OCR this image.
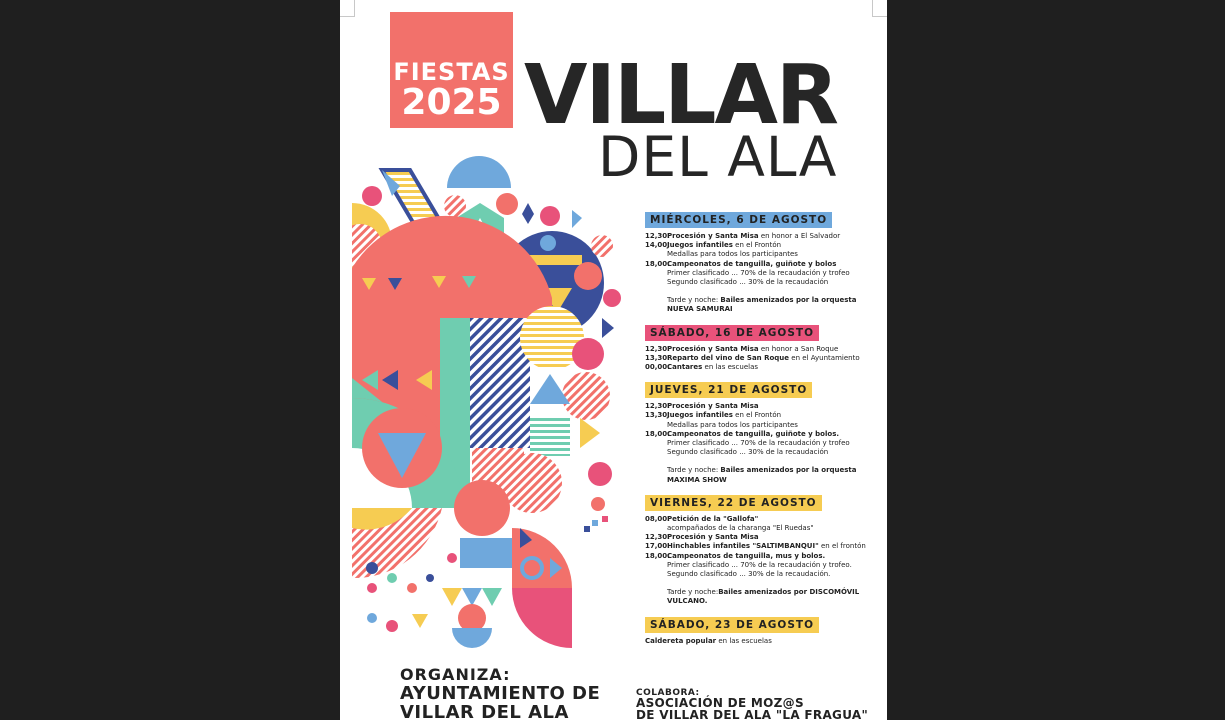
FIESTAS
2025 VILLAR
DEL ALA
MIÉRCOLES, 6 DE AGOSTO
12,30:
Procesión y Santa Misa en honor a El Salvador
14,00:
Juegos infantiles en el Frontón
Medallas para todos los participantes
18,00:
Campeonatos de tanguilla, guiñote y bolos
Primer clasificado ... 70% de la recaudación y trofeo
Segundo clasificado ... 30% de la recaudación
Tarde y noche: Bailes amenizados por la orquesta
NUEVA SAMURAI
SÁBADO, 16 DE AGOSTO
12,30:
Procesión y Santa Misa en honor a San Roque
13,30:
Reparto del vino de San Roque en el Ayuntamiento
00,00:
Cantares en las escuelas
JUEVES, 21 DE AGOSTO
12,30:
Procesión y Santa Misa
13,30:
Juegos infantiles en el Frontón
Medallas para todos los participantes
18,00:
Campeonatos de tanguilla, guiñote y bolos.
Primer clasificado ... 70% de la recaudación y trofeo
Segundo clasificado ... 30% de la recaudación
Tarde y noche: Bailes amenizados por la orquesta
MAXIMA SHOW
VIERNES, 22 DE AGOSTO
08,00:
Petición de la "Gallofa"
acompañados de la charanga "El Ruedas"
12,30:
Procesión y Santa Misa
17,00:
Hinchables infantiles "SALTIMBANQUI" en el frontón
18,00:
Campeonatos de tanguilla, mus y bolos.
Primer clasificado ... 70% de la recaudación y trofeo.
Segundo clasificado ... 30% de la recaudación.
Tarde y noche:Bailes amenizados por DISCOMÓVIL
VULCANO.
SÁBADO, 23 DE AGOSTO
Caldereta popular en las escuelas
ORGANIZA:
AYUNTAMIENTO DE
VILLAR DEL ALA
COLABORA:
ASOCIACIÓN DE MOZ@S
DE VILLAR DEL ALA "LA FRAGUA"
